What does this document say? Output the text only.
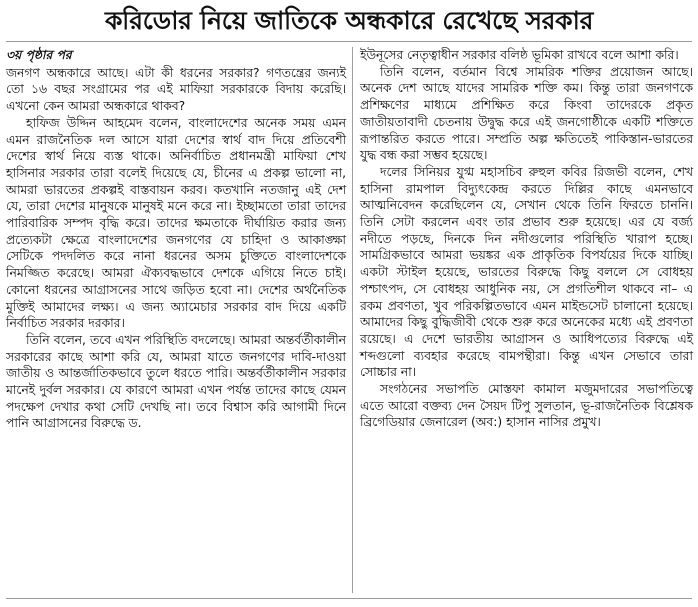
করিডোর নিয়ে জাতিকে অন্ধকারে রেখেছে সরকার
৩য় পৃষ্ঠার পর

জনগণ অন্ধকারে আছে। এটা কী ধরনের সরকার? গণতন্ত্রের জন্যই তো ১৬ বছর সংগ্রামের পর এই মাফিয়া সরকারকে বিদায় করেছি। এখনো কেন আমরা অন্ধকারে থাকব?

হাফিজ উদ্দিন আহমেদ বলেন, বাংলাদেশের অনেক সময় এমন এমন রাজনৈতিক দল আসে যারা দেশের স্বার্থ বাদ দিয়ে প্রতিবেশী দেশের স্বার্থ নিয়ে ব্যস্ত থাকে। অনির্বাচিত প্রধানমন্ত্রী মাফিয়া শেখ হাসিনার সরকার তারা বলেই দিয়েছে যে, চীনের এ প্রকল্প ভালো না, আমরা ভারতের প্রকল্পই বাস্তবায়ন করব। কতখানি নতজানু এই দেশ যে, তারা দেশের মানুষকে মানুষই মনে করে না। ইচ্ছামতো তারা তাদের পারিবারিক সম্পদ বৃদ্ধি করে। তাদের ক্ষমতাকে দীর্ঘায়িত করার জন্য প্রত্যেকটা ক্ষেত্রে বাংলাদেশের জনগণের যে চাহিদা ও আকাঙ্ক্ষা সেটিকে পদদলিত করে নানা ধরনের অসম চুক্তিতে বাংলাদেশকে নিমজ্জিত করেছে। আমরা ঐক্যবদ্ধভাবে দেশকে এগিয়ে নিতে চাই। কোনো ধরনের আগ্রাসনের সাথে জড়িত হবো না। দেশের অর্থনৈতিক মুক্তিই আমাদের লক্ষ্য। এ জন্য অ্যামেচার সরকার বাদ দিয়ে একটি নির্বাচিত সরকার দরকার।

তিনি বলেন, তবে এখন পরিস্থিতি বদলেছে। আমরা অন্তর্বর্তীকালীন সরকারের কাছে আশা করি যে, আমরা যাতে জনগণের দাবি-দাওয়া জাতীয় ও আন্তর্জাতিকভাবে তুলে ধরতে পারি। অন্তর্বর্তীকালীন সরকার মানেই দুর্বল সরকার। যে কারণে আমরা এখন পর্যন্ত তাদের কাছে যেমন পদক্ষেপ দেখার কথা সেটি দেখছি না। তবে বিশ্বাস করি আগামী দিনে পানি আগ্রাসনের বিরুদ্ধে ড.

ইউনূসের নেতৃত্বাধীন সরকার বলিষ্ঠ ভূমিকা রাখবে বলে আশা করি।

তিনি বলেন, বর্তমান বিশ্বে সামরিক শক্তির প্রয়োজন আছে। অনেক দেশ আছে যাদের সামরিক শক্তি কম। কিন্তু তারা জনগণকে প্রশিক্ষণের মাধ্যমে প্রশিক্ষিত করে কিংবা তাদেরকে প্রকৃত জাতীয়তাবাদী চেতনায় উদ্বুদ্ধ করে এই জনগোষ্ঠীকে একটি শক্তিতে রূপান্তরিত করতে পারে। সম্প্রতি অল্প ক্ষতিতেই পাকিস্তান-ভারতের যুদ্ধ বন্ধ করা সম্ভব হয়েছে।

দলের সিনিয়র যুগ্ম মহাসচিব রুহুল কবির রিজভী বলেন, শেখ হাসিনা রামপাল বিদ্যুৎকেন্দ্র করতে দিল্লির কাছে এমনভাবে আত্মনিবেদন করেছিলেন যে, সেখান থেকে তিনি ফিরতে চাননি। তিনি সেটা করলেন এবং তার প্রভাব শুরু হয়েছে। এর যে বর্জ্য নদীতে পড়ছে, দিনকে দিন নদীগুলোর পরিস্থিতি খারাপ হচ্ছে। সামগ্রিকভাবে আমরা ভয়ঙ্কর এক প্রাকৃতিক বিপর্যয়ের দিকে যাচ্ছি। একটা স্টাইল হয়েছে, ভারতের বিরুদ্ধে কিছু বললে সে বোধহয় পশ্চাৎপদ, সে বোধহয় আধুনিক নয়, সে প্রগতিশীল থাকবে না– এ রকম প্রবণতা, খুব পরিকল্পিতভাবে এমন মাইন্ডসেট চালানো হয়েছে। আমাদের কিছু বুদ্ধিজীবী থেকে শুরু করে অনেকের মধ্যে এই প্রবণতা রয়েছে। এ দেশে ভারতীয় আগ্রাসন ও আধিপত্যের বিরুদ্ধে এই শব্দগুলো ব্যবহার করেছে বামপন্থীরা। কিন্তু এখন সেভাবে তারা সোচ্চার না।

সংগঠনের সভাপতি মোস্তফা কামাল মজুমদারের সভাপতিত্বে এতে আরো বক্তব্য দেন সৈয়দ টিপু সুলতান, ভূ-রাজনৈতিক বিশ্লেষক ব্রিগেডিয়ার জেনারেল (অব:) হাসান নাসির প্রমুখ।
